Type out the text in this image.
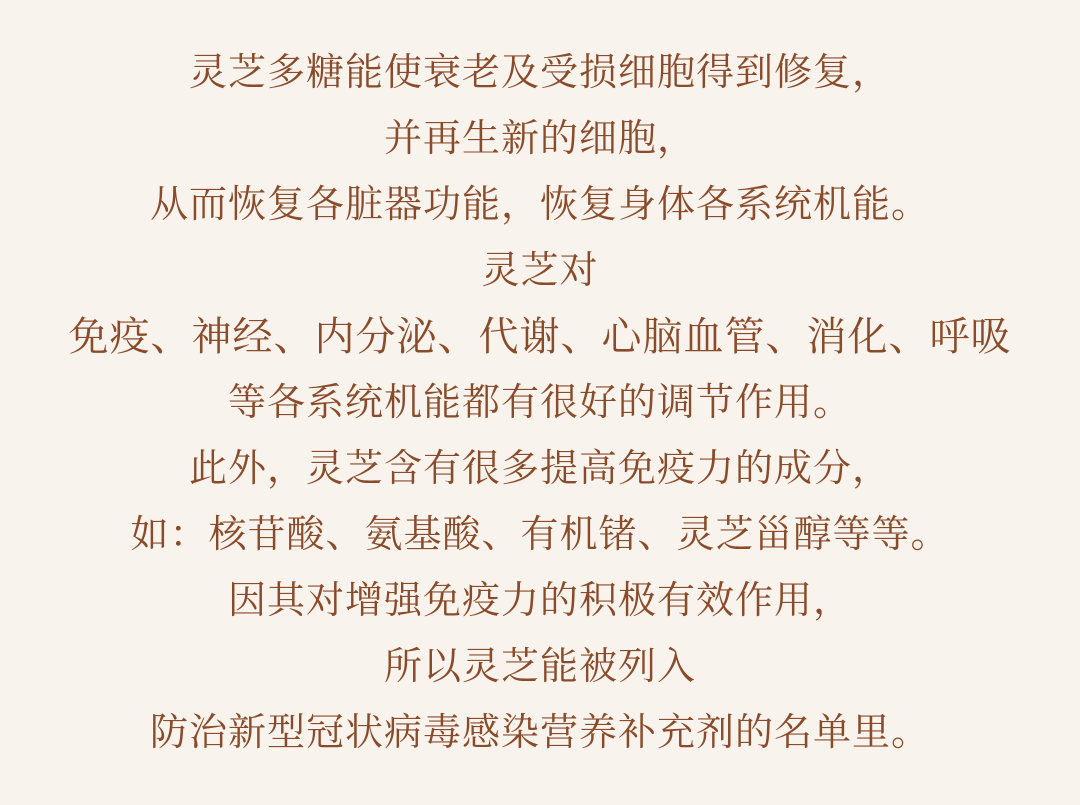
灵芝多糖能使衰老及受损细胞得到修复，
并再生新的细胞，
从而恢复各脏器功能，恢复身体各系统机能。
灵芝对
免疫、神经、内分泌、代谢、心脑血管、消化、呼吸
等各系统机能都有很好的调节作用。
此外，灵芝含有很多提高免疫力的成分，
如：核苷酸、氨基酸、有机锗、灵芝甾醇等等。
因其对增强免疫力的积极有效作用，
所以灵芝能被列入
防治新型冠状病毒感染营养补充剂的名单里。
